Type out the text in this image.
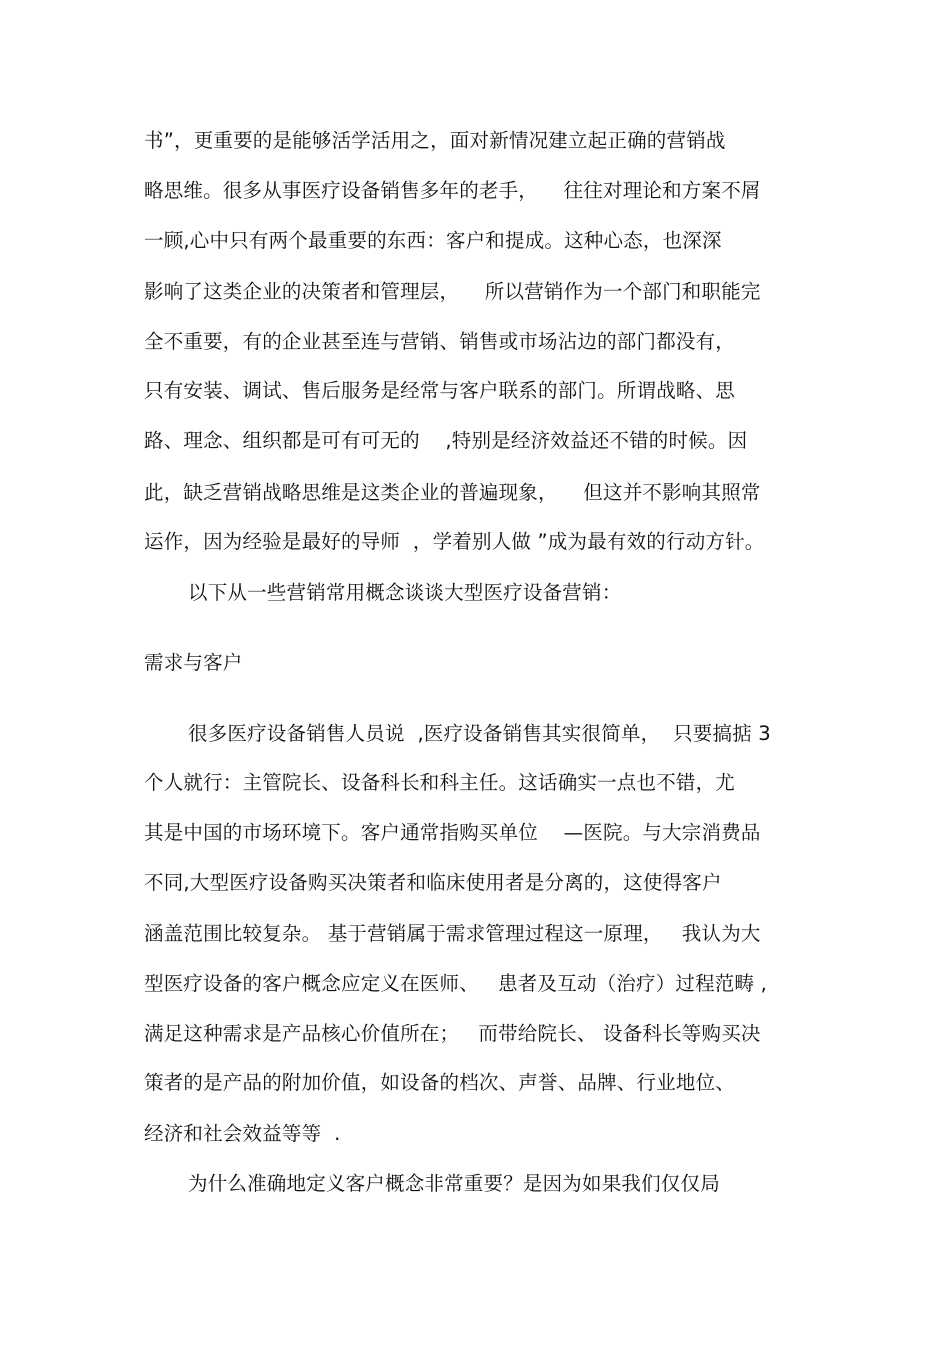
书”，更重要的是能够活学活用之，面对新情况建立起正确的营销战
略思维。很多从事医疗设备销售多年的老手，    往往对理论和方案不屑
一顾,心中只有两个最重要的东西：客户和提成。这种心态，也深深
影响了这类企业的决策者和管理层，    所以营销作为一个部门和职能完
全不重要，有的企业甚至连与营销、销售或市场沾边的部门都没有，
只有安装、调试、售后服务是经常与客户联系的部门。所谓战略、思
路、理念、组织都是可有可无的    ,特别是经济效益还不错的时候。因
此，缺乏营销战略思维是这类企业的普遍现象，    但这并不影响其照常
运作，因为经验是最好的导师  ，学着别人做 ”成为最有效的行动方针。
以下从一些营销常用概念谈谈大型医疗设备营销：
需求与客户
很多医疗设备销售人员说  ,医疗设备销售其实很简单，  只要搞掂 3
个人就行：主管院长、设备科长和科主任。这话确实一点也不错，尤
其是中国的市场环境下。客户通常指购买单位    —医院。与大宗消费品
不同,大型医疗设备购买决策者和临床使用者是分离的，这使得客户
涵盖范围比较复杂。 基于营销属于需求管理过程这一原理，   我认为大
型医疗设备的客户概念应定义在医师、   患者及互动（治疗）过程范畴 ,
满足这种需求是产品核心价值所在；   而带给院长、 设备科长等购买决
策者的是产品的附加价值，如设备的档次、声誉、品牌、行业地位、
经济和社会效益等等  .
为什么准确地定义客户概念非常重要？是因为如果我们仅仅局
